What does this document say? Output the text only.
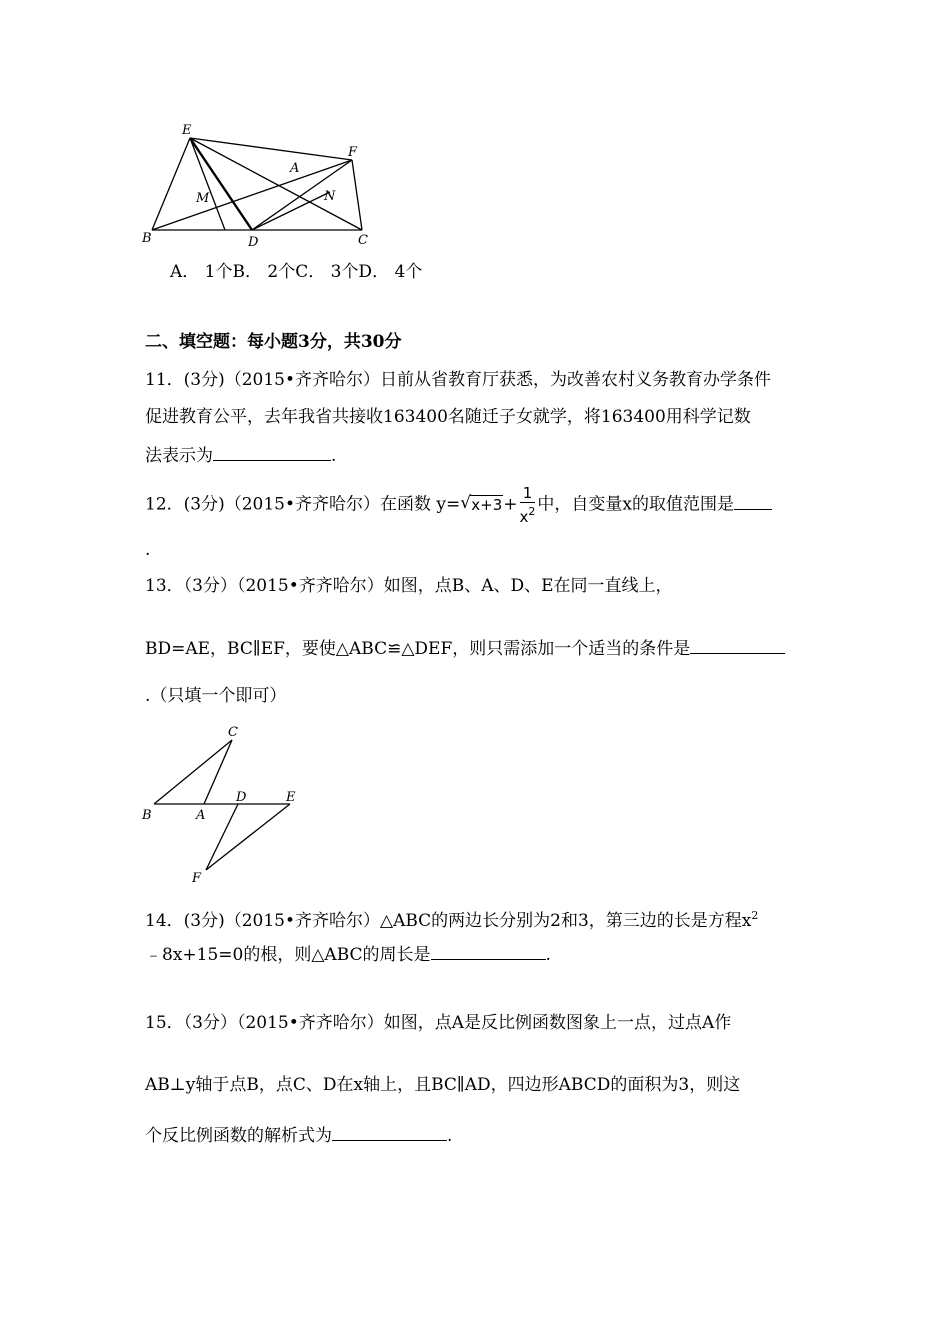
E
A
F
M	N
B	D	C
A． 1个B． 2个C． 3个D． 4个
二、填空题：每小题3分，共30分
11．(3分)（2015•齐齐哈尔）日前从省教育厅获悉，为改善农村义务教育办学条件
促进教育公平，去年我省共接收163400名随迁子女就学，将163400用科学记数
法表示为	.
12．(3分)（2015•齐齐哈尔）在函数 y= √ $x+3+ \frac{1}{x^2}$ 中，自变量x的取值范围是
.
13．（3分）（2015•齐齐哈尔）如图，点B、A、D、E在同一直线上，
BD=AE，BC∥EF，要使△ABC≌△DEF，则只需添加一个适当的条件是
.（只填一个即可）
C
B	A
D	E
F
14．(3分)（2015•齐齐哈尔）△ABC的两边长分别为2和3，第三边的长是方程$x^2$
﹣8x+15=0的根，则△ABC的周长是	.
15．（3分）（2015•齐齐哈尔）如图，点A是反比例函数图象上一点，过点A作
AB⊥y轴于点B，点C、D在x轴上，且BC∥AD，四边形ABCD的面积为3，则这
个反比例函数的解析式为	.
